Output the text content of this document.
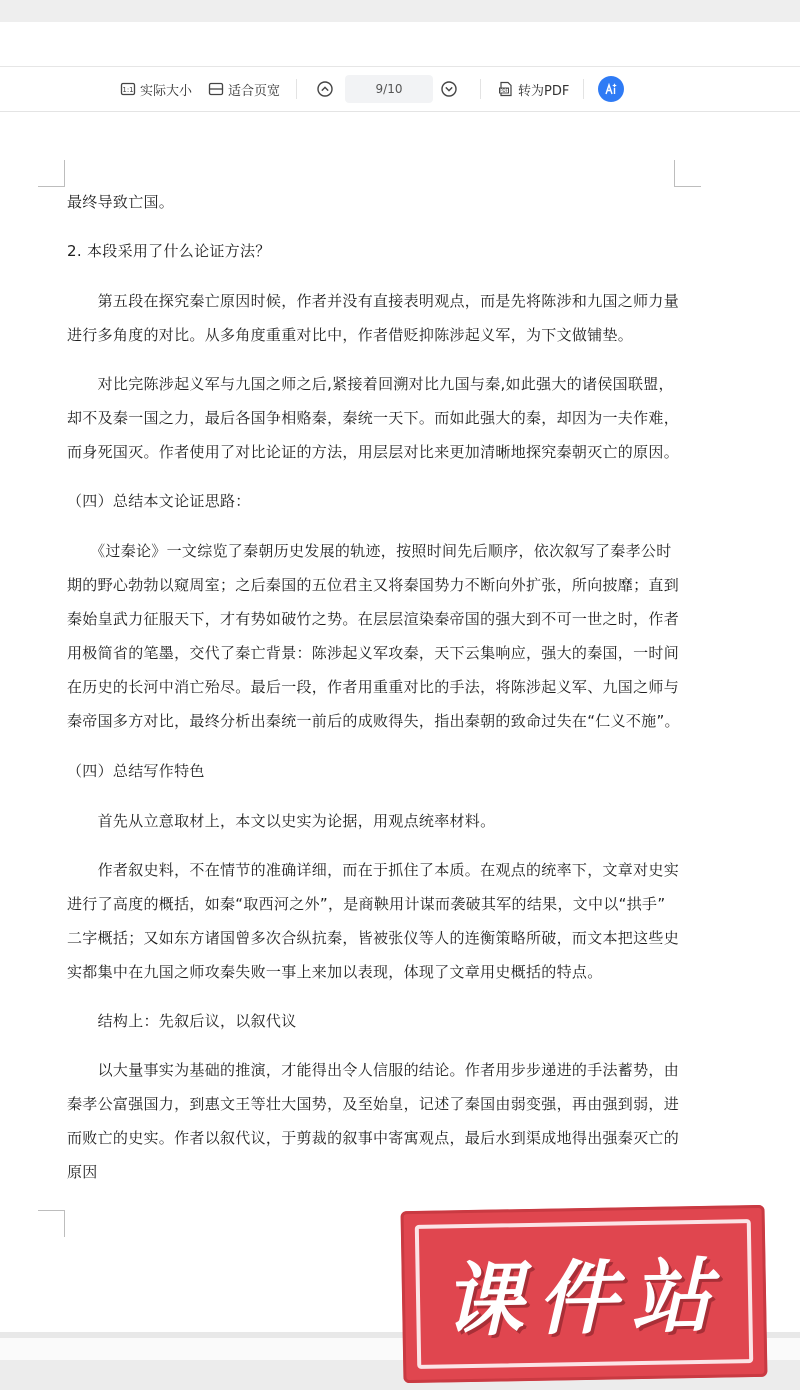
1:1 实际大小	适合页宽	9/10	PDF 转为PDF
最终导致亡国。
2. 本段采用了什么论证方法？
　　第五段在探究秦亡原因时候，作者并没有直接表明观点，而是先将陈涉和九国之师力量
进行多角度的对比。从多角度重重对比中，作者借贬抑陈涉起义军，为下文做铺垫。
　　对比完陈涉起义军与九国之师之后,紧接着回溯对比九国与秦,如此强大的诸侯国联盟，
却不及秦一国之力，最后各国争相赂秦，秦统一天下。而如此强大的秦，却因为一夫作难，
而身死国灭。作者使用了对比论证的方法，用层层对比来更加清晰地探究秦朝灭亡的原因。
（四）总结本文论证思路：
　　《过秦论》一文综览了秦朝历史发展的轨迹，按照时间先后顺序，依次叙写了秦孝公时
期的野心勃勃以窥周室；之后秦国的五位君主又将秦国势力不断向外扩张，所向披靡；直到
秦始皇武力征服天下，才有势如破竹之势。在层层渲染秦帝国的强大到不可一世之时，作者
用极简省的笔墨，交代了秦亡背景：陈涉起义军攻秦，天下云集响应，强大的秦国，一时间
在历史的长河中消亡殆尽。最后一段，作者用重重对比的手法，将陈涉起义军、九国之师与
秦帝国多方对比，最终分析出秦统一前后的成败得失，指出秦朝的致命过失在“仁义不施”。
（四）总结写作特色
　　首先从立意取材上，本文以史实为论据，用观点统率材料。
　　作者叙史料，不在情节的准确详细，而在于抓住了本质。在观点的统率下，文章对史实
进行了高度的概括，如秦“取西河之外”，是商鞅用计谋而袭破其军的结果，文中以“拱手”
二字概括；又如东方诸国曾多次合纵抗秦，皆被张仪等人的连衡策略所破，而文本把这些史
实都集中在九国之师攻秦失败一事上来加以表现，体现了文章用史概括的特点。
　　结构上：先叙后议，以叙代议
　　以大量事实为基础的推演，才能得出令人信服的结论。作者用步步递进的手法蓄势，由
秦孝公富强国力，到惠文王等壮大国势，及至始皇，记述了秦国由弱变强，再由强到弱，进
而败亡的史实。作者以叙代议，于剪裁的叙事中寄寓观点，最后水到渠成地得出强秦灭亡的
原因
课件站
